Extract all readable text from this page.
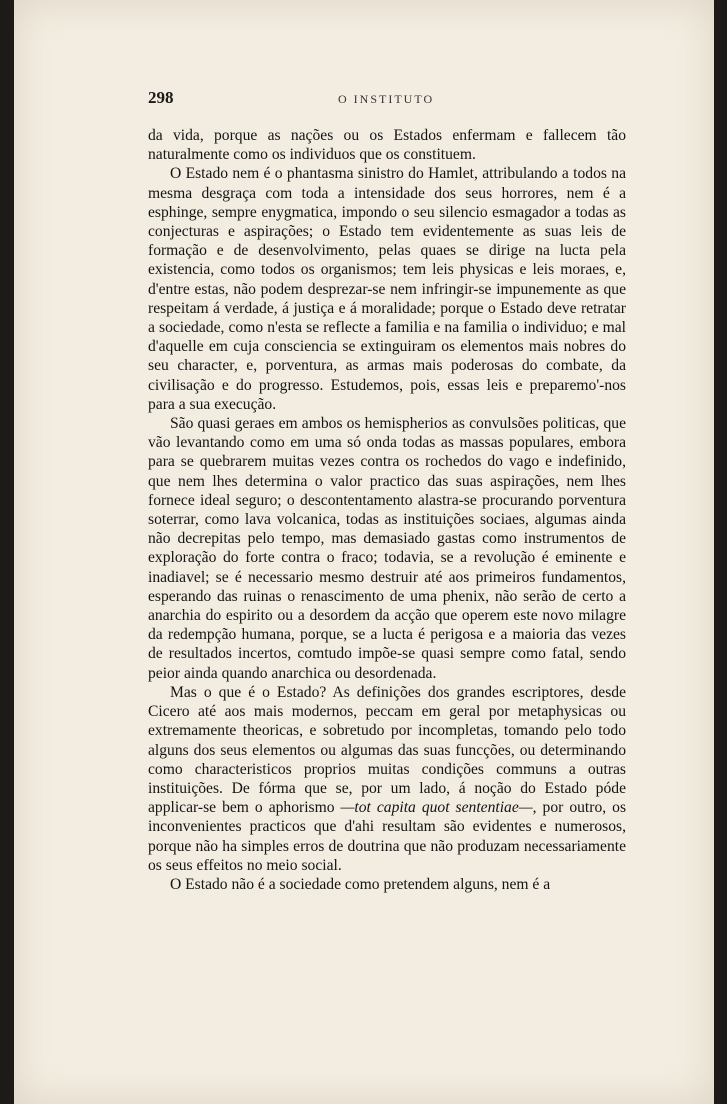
298	O INSTITUTO

da vida, porque as nações ou os Estados enfermam e fallecem tão naturalmente como os individuos que os constituem.

O Estado nem é o phantasma sinistro do Hamlet, attribulando a todos na mesma desgraça com toda a intensidade dos seus horrores, nem é a esphinge, sempre enygmatica, impondo o seu silencio esmagador a todas as conjecturas e aspirações; o Estado tem evidentemente as suas leis de formação e de desenvolvimento, pelas quaes se dirige na lucta pela existencia, como todos os organismos; tem leis physicas e leis moraes, e, d'entre estas, não podem desprezar-se nem infringir-se impunemente as que respeitam á verdade, á justiça e á moralidade; porque o Estado deve retratar a sociedade, como n'esta se reflecte a familia e na familia o individuo; e mal d'aquelle em cuja consciencia se extinguiram os elementos mais nobres do seu character, e, porventura, as armas mais poderosas do combate, da civilisação e do progresso. Estudemos, pois, essas leis e preparemo'-nos para a sua execução.

São quasi geraes em ambos os hemispherios as convulsões politicas, que vão levantando como em uma só onda todas as massas populares, embora para se quebrarem muitas vezes contra os rochedos do vago e indefinido, que nem lhes determina o valor practico das suas aspirações, nem lhes fornece ideal seguro; o descontentamento alastra-se procurando porventura soterrar, como lava volcanica, todas as instituições sociaes, algumas ainda não decrepitas pelo tempo, mas demasiado gastas como instrumentos de exploração do forte contra o fraco; todavia, se a revolução é eminente e inadiavel; se é necessario mesmo destruir até aos primeiros fundamentos, esperando das ruinas o renascimento de uma phenix, não serão de certo a anarchia do espirito ou a desordem da acção que operem este novo milagre da redempção humana, porque, se a lucta é perigosa e a maioria das vezes de resultados incertos, comtudo impõe-se quasi sempre como fatal, sendo peior ainda quando anarchica ou desordenada.

Mas o que é o Estado? As definições dos grandes escriptores, desde Cicero até aos mais modernos, peccam em geral por metaphysicas ou extremamente theoricas, e sobretudo por incompletas, tomando pelo todo alguns dos seus elementos ou algumas das suas funcções, ou determinando como characteristicos proprios muitas condições communs a outras instituições. De fórma que se, por um lado, á noção do Estado póde applicar-se bem o aphorismo —tot capita quot sententiae—, por outro, os inconvenientes practicos que d'ahi resultam são evidentes e numerosos, porque não ha simples erros de doutrina que não produzam necessariamente os seus effeitos no meio social.

O Estado não é a sociedade como pretendem alguns, nem é a
